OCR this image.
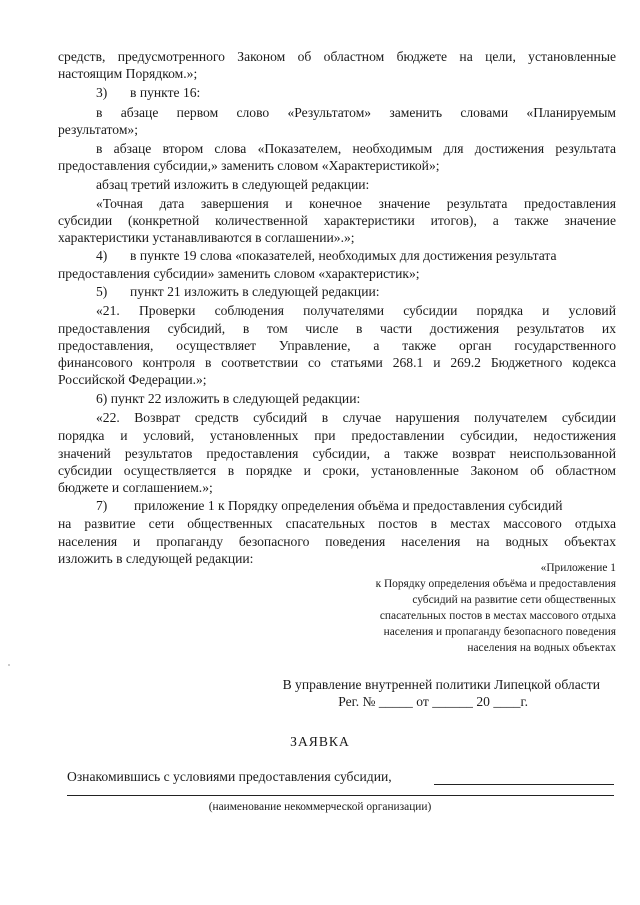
средств, предусмотренного Законом об областном бюджете на цели, установленные
настоящим Порядком.»;
3) в пункте 16:
в абзаце первом слово «Результатом» заменить словами «Планируемым
результатом»;
в абзаце втором слова «Показателем, необходимым для достижения результата
предоставления субсидии,» заменить словом «Характеристикой»;
абзац третий изложить в следующей редакции:
«Точная дата завершения и конечное значение результата предоставления
субсидии (конкретной количественной характеристики итогов), а также значение
характеристики устанавливаются в соглашении».»;
4) в пункте 19 слова «показателей, необходимых для достижения результата
предоставления субсидии» заменить словом «характеристик»;
5) пункт 21 изложить в следующей редакции:
«21. Проверки соблюдения получателями субсидии порядка и условий
предоставления субсидий, в том числе в части достижения результатов их
предоставления, осуществляет Управление, а также орган государственного
финансового контроля в соответствии со статьями 268.1 и 269.2 Бюджетного кодекса
Российской Федерации.»;
6) пункт 22 изложить в следующей редакции:
«22. Возврат средств субсидий в случае нарушения получателем субсидии
порядка и условий, установленных при предоставлении субсидии, недостижения
значений результатов предоставления субсидии, а также возврат неиспользованной
субсидии осуществляется в порядке и сроки, установленные Законом об областном
бюджете и соглашением.»;
7) приложение 1 к Порядку определения объёма и предоставления субсидий
на развитие сети общественных спасательных постов в местах массового отдыха
населения и пропаганду безопасного поведения населения на водных объектах
изложить в следующей редакции:
«Приложение 1
к Порядку определения объёма и предоставления
субсидий на развитие сети общественных
спасательных постов в местах массового отдыха
населения и пропаганду безопасного поведения
населения на водных объектах
В управление внутренней политики Липецкой области
Рег. № _____ от ______ 20 ____г.
ЗАЯВКА
Ознакомившись с условиями предоставления субсидии,
(наименование некоммерческой организации)
